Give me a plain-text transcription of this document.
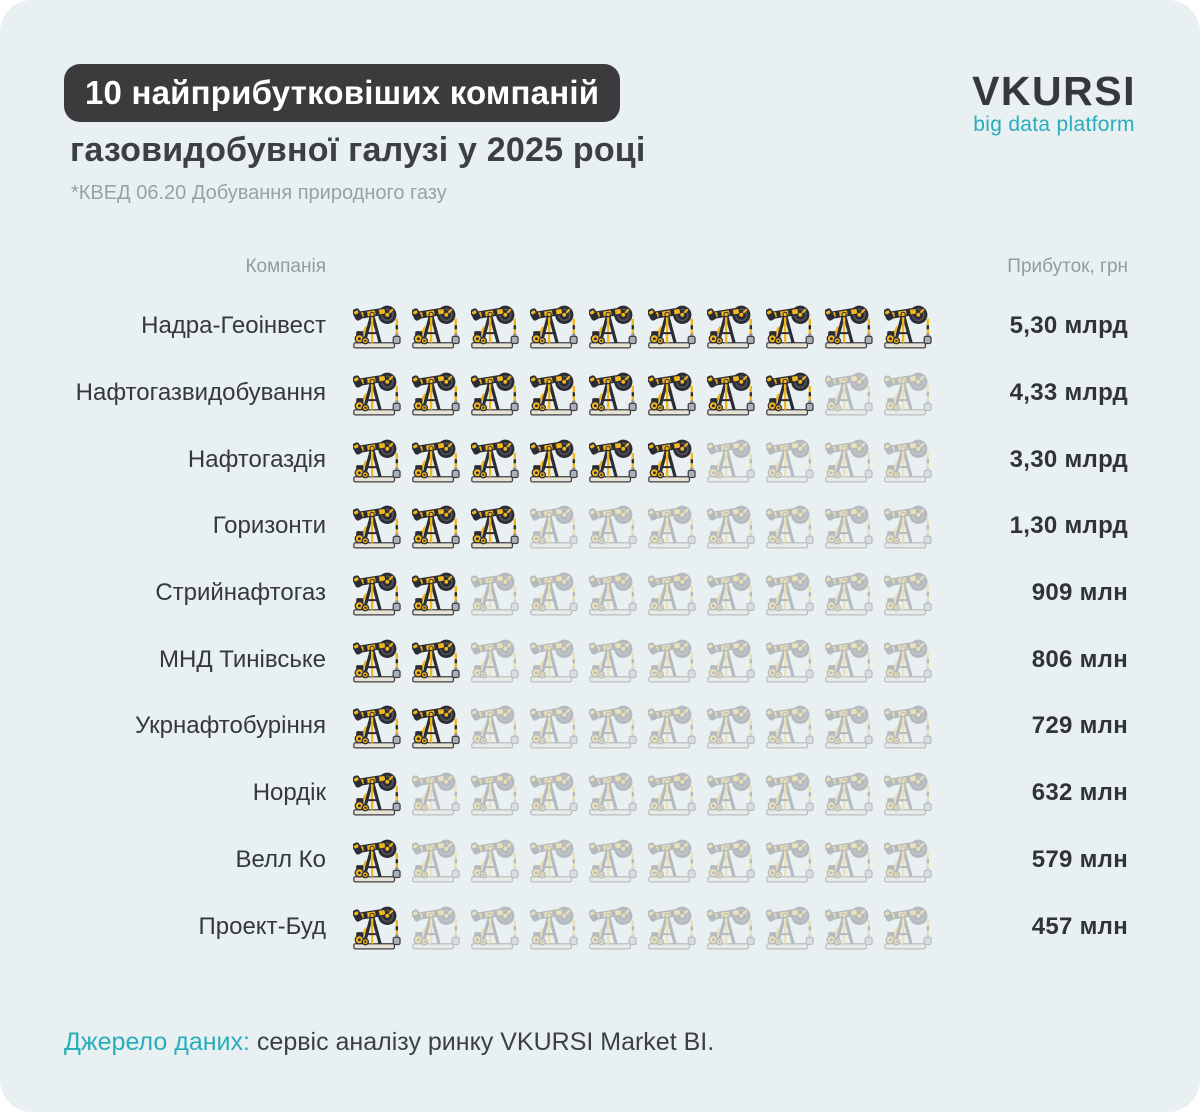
10 найприбутковіших компаній
газовидобувної галузі у 2025 році
*КВЕД 06.20 Добування природного газу
VKURSI
big data platform
Компанія	Прибуток, грн
Надра-Геоінвест	5,30 млрд
Нафтогазвидобування	4,33 млрд
Нафтогаздія	3,30 млрд
Горизонти	1,30 млрд
Стрийнафтогаз	909 млн
МНД Тинівське	806 млн
Укрнафтобуріння	729 млн
Нордік	632 млн
Велл Ко	579 млн
Проект-Буд	457 млн
Джерело даних: сервіс аналізу ринку VKURSI Market BI.
